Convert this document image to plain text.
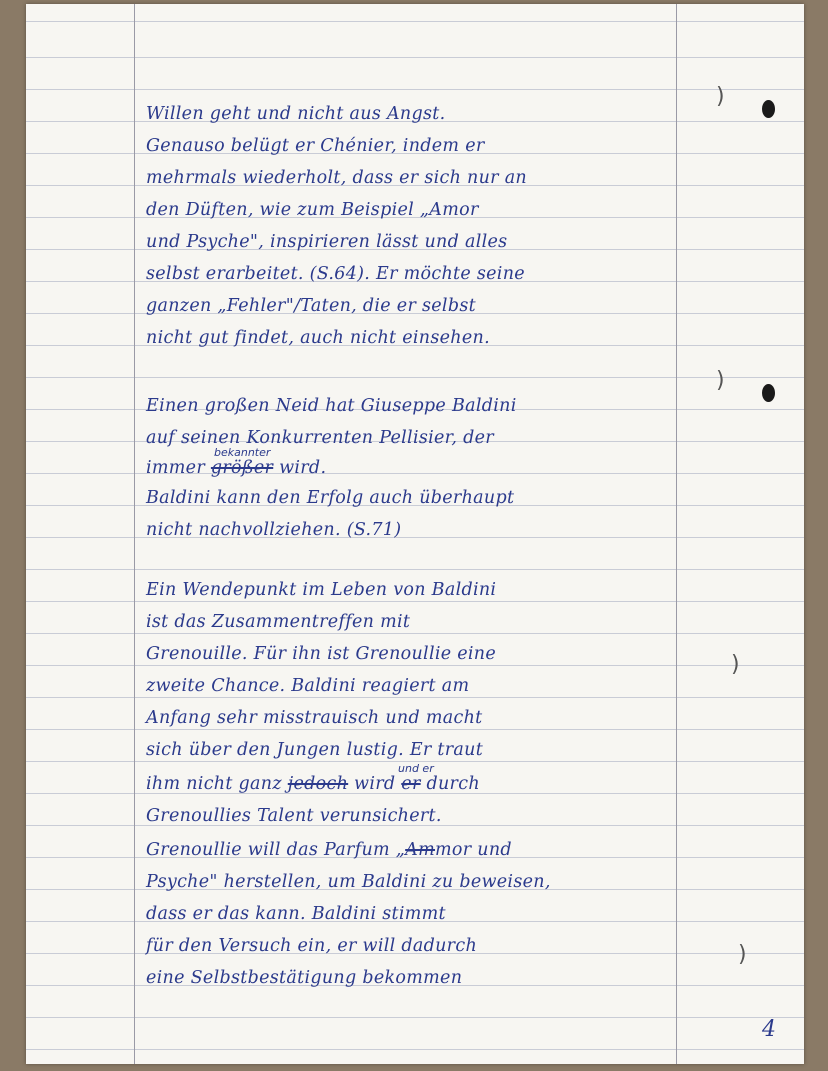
)
)
)
)

Willen geht und nicht aus Angst.

Genauso belügt er Chénier, indem er

mehrmals wiederholt, dass er sich nur an

den Düften, wie zum Beispiel „Amor

und Psyche", inspirieren lässt und alles

selbst erarbeitet. (S.64). Er möchte seine

ganzen „Fehler"/Taten, die er selbst

nicht gut findet, auch nicht einsehen.

Einen großen Neid hat Giuseppe Baldini

auf seinen Konkurrenten Pellisier, der

bekannter

immer größer wird.

Baldini kann den Erfolg auch überhaupt

nicht nachvollziehen. (S.71)

Ein Wendepunkt im Leben von Baldini

ist das Zusammentreffen mit

Grenouille. Für ihn ist Grenoullie eine

zweite Chance. Baldini reagiert am

Anfang sehr misstrauisch und macht

sich über den Jungen lustig. Er traut

und er

ihm nicht ganz jedoch wird er durch

Grenoullies Talent verunsichert.

Grenoullie will das Parfum „Ammor und

Psyche" herstellen, um Baldini zu beweisen,

dass er das kann. Baldini stimmt

für den Versuch ein, er will dadurch

eine Selbstbestätigung bekommen

4
